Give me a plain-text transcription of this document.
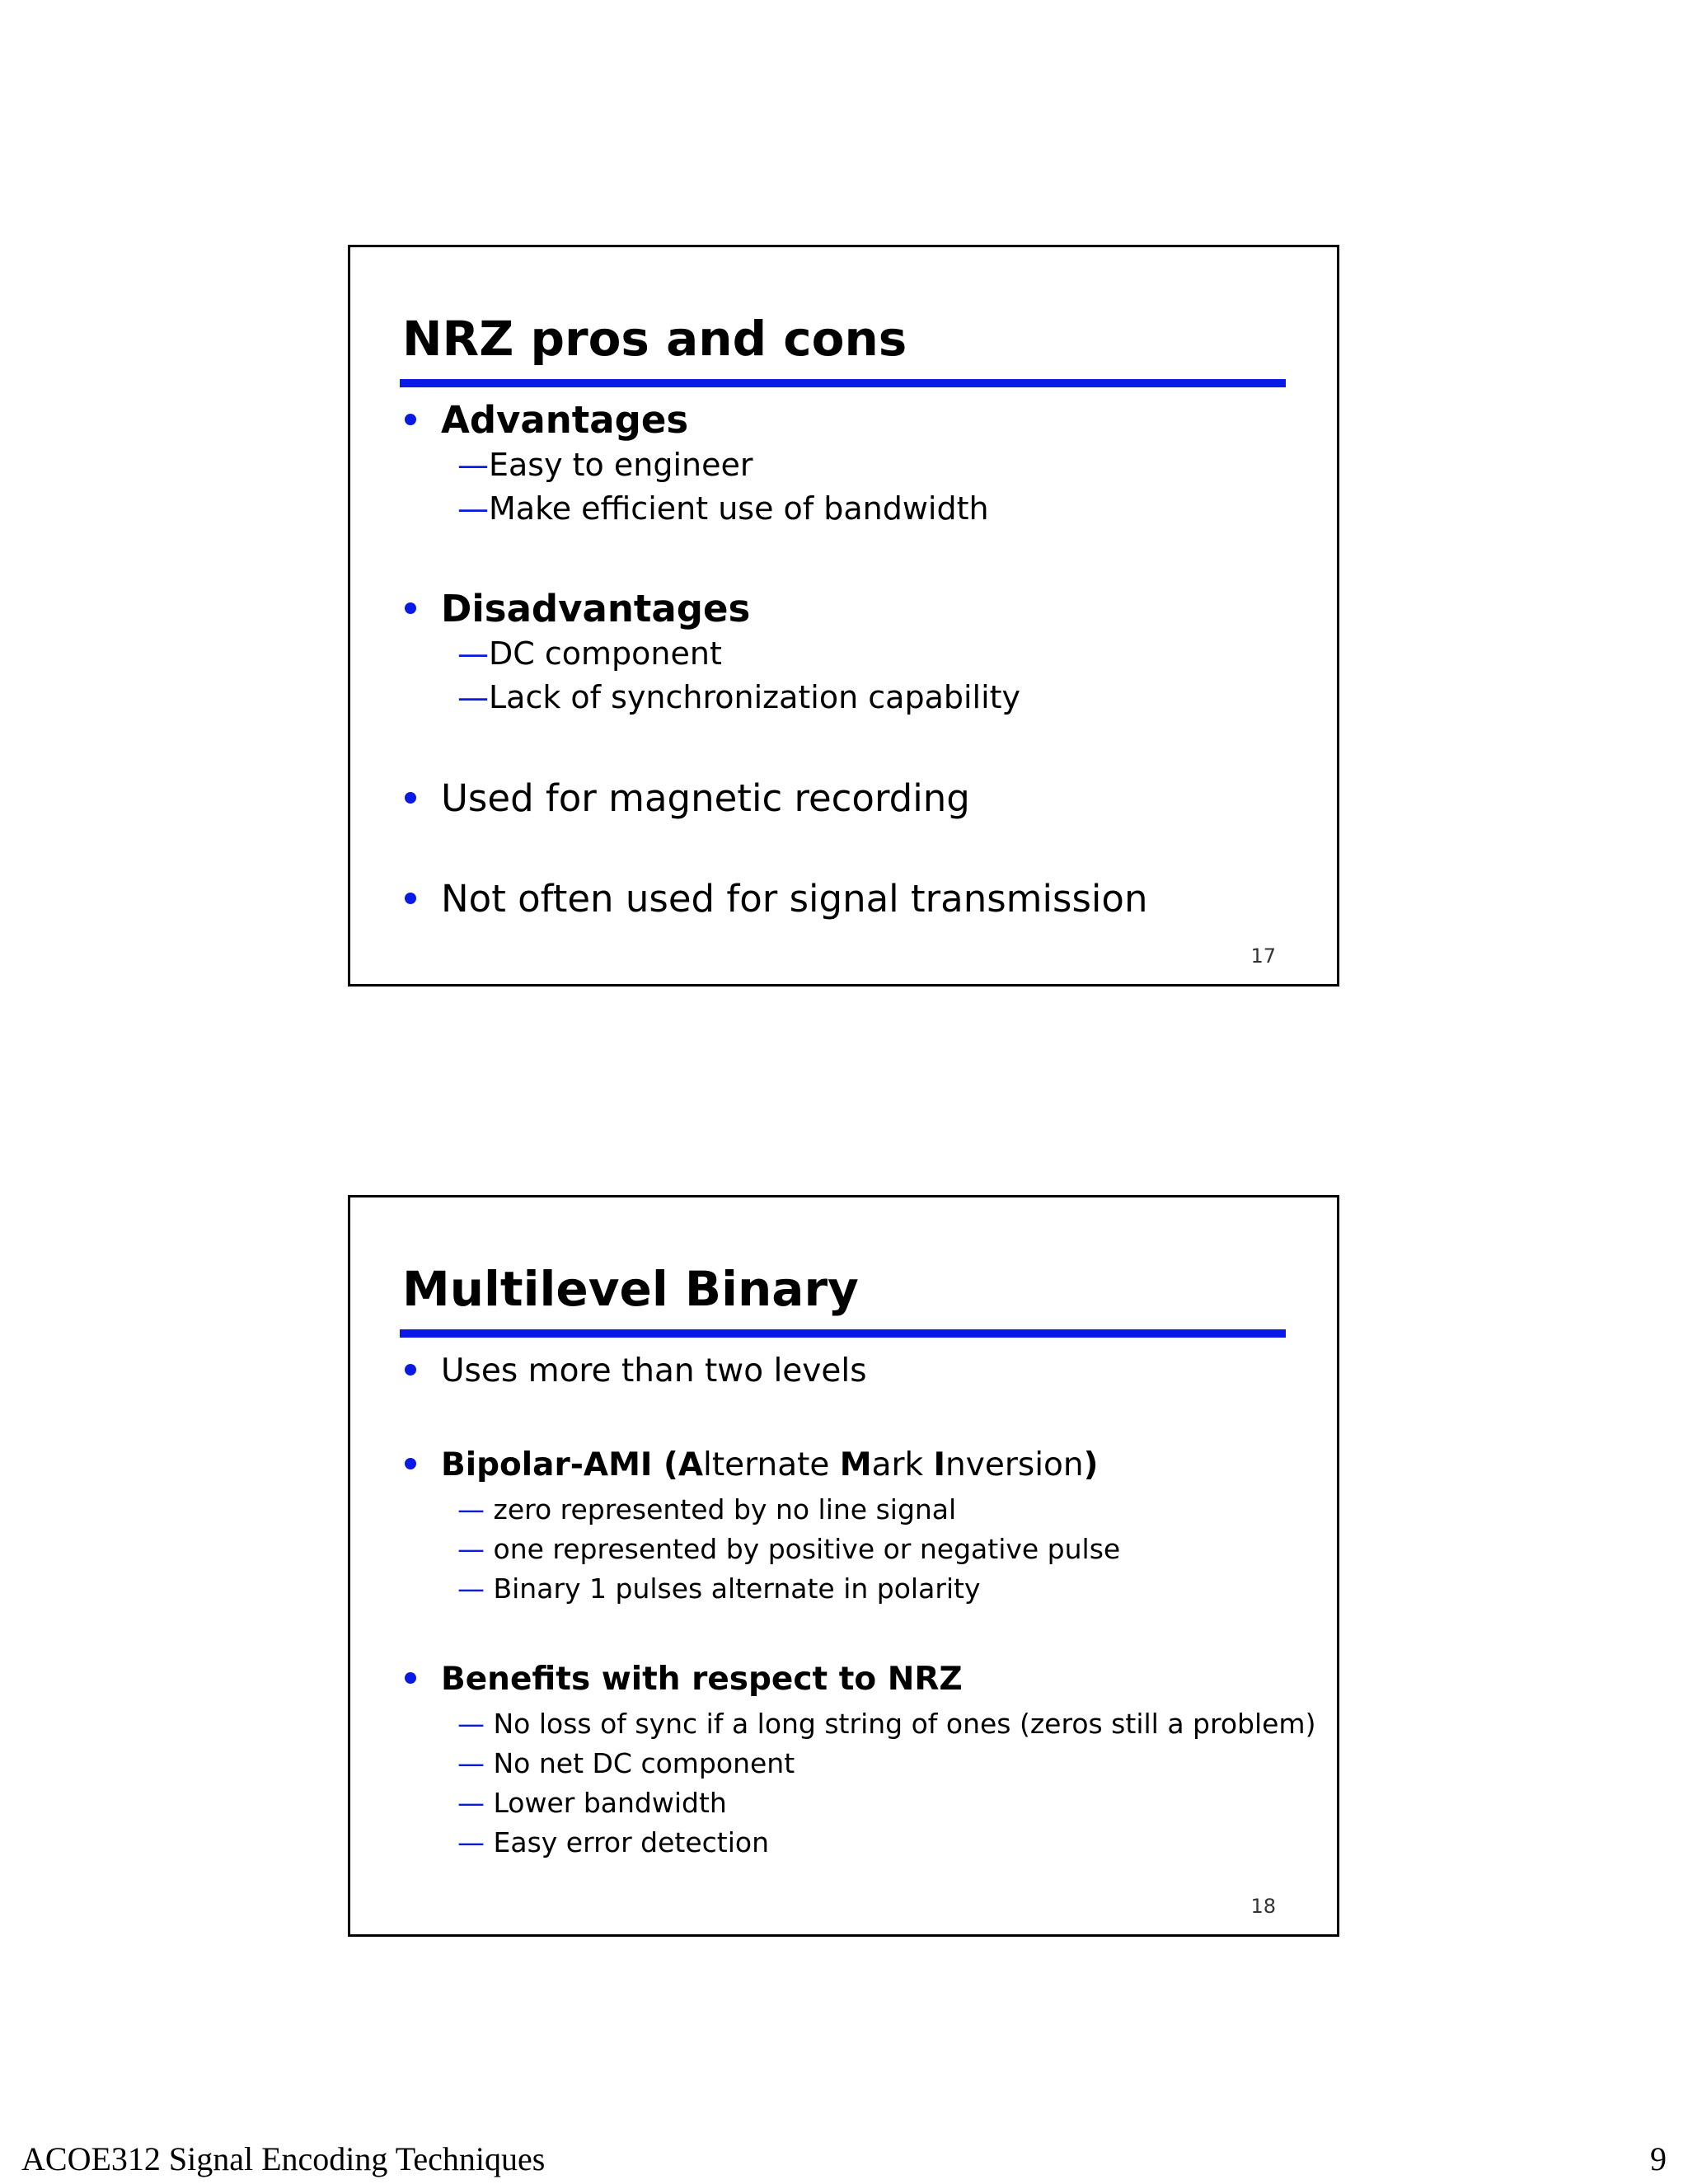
NRZ pros and cons
Advantages
—Easy to engineer
—Make efficient use of bandwidth
Disadvantages
—DC component
—Lack of synchronization capability
Used for magnetic recording
Not often used for signal transmission
17
Multilevel Binary
Uses more than two levels
Bipolar-AMI (Alternate Mark Inversion)
— zero represented by no line signal
— one represented by positive or negative pulse
— Binary 1 pulses alternate in polarity
Benefits with respect to NRZ
— No loss of sync if a long string of ones (zeros still a problem)
— No net DC component
— Lower bandwidth
— Easy error detection
18
ACOE312 Signal Encoding Techniques	9
